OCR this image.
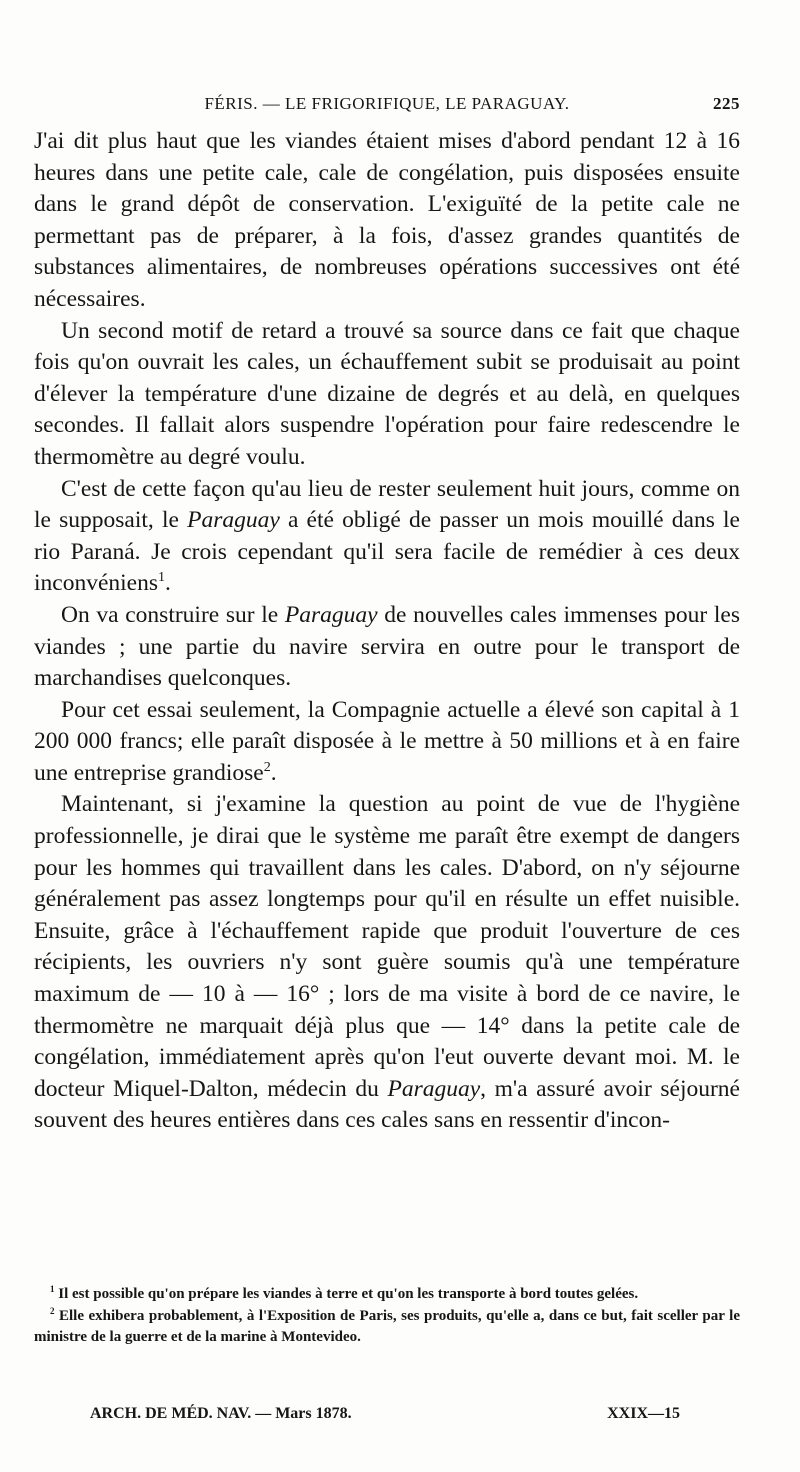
FÉRIS. — LE FRIGORIFIQUE, LE PARAGUAY.	225

J'ai dit plus haut que les viandes étaient mises d'abord pendant 12 à 16 heures dans une petite cale, cale de congélation, puis disposées ensuite dans le grand dépôt de conservation. L'exiguïté de la petite cale ne permettant pas de préparer, à la fois, d'assez grandes quantités de substances alimentaires, de nombreuses opérations successives ont été nécessaires.

Un second motif de retard a trouvé sa source dans ce fait que chaque fois qu'on ouvrait les cales, un échauffement subit se produisait au point d'élever la température d'une dizaine de degrés et au delà, en quelques secondes. Il fallait alors suspendre l'opération pour faire redescendre le thermomètre au degré voulu.

C'est de cette façon qu'au lieu de rester seulement huit jours, comme on le supposait, le Paraguay a été obligé de passer un mois mouillé dans le rio Paraná. Je crois cependant qu'il sera facile de remédier à ces deux inconvéniens$^1$.

On va construire sur le Paraguay de nouvelles cales immenses pour les viandes ; une partie du navire servira en outre pour le transport de marchandises quelconques.

Pour cet essai seulement, la Compagnie actuelle a élevé son capital à 1 200 000 francs; elle paraît disposée à le mettre à 50 millions et à en faire une entreprise grandiose$^2$.

Maintenant, si j'examine la question au point de vue de l'hygiène professionnelle, je dirai que le système me paraît être exempt de dangers pour les hommes qui travaillent dans les cales. D'abord, on n'y séjourne généralement pas assez longtemps pour qu'il en résulte un effet nuisible. Ensuite, grâce à l'échauffement rapide que produit l'ouverture de ces récipients, les ouvriers n'y sont guère soumis qu'à une température maximum de — 10 à — 16° ; lors de ma visite à bord de ce navire, le thermomètre ne marquait déjà plus que — 14° dans la petite cale de congélation, immédiatement après qu'on l'eut ouverte devant moi. M. le docteur Miquel-Dalton, médecin du Paraguay, m'a assuré avoir séjourné souvent des heures entières dans ces cales sans en ressentir d'incon-

$^1$ Il est possible qu'on prépare les viandes à terre et qu'on les transporte à bord toutes gelées.

$^2$ Elle exhibera probablement, à l'Exposition de Paris, ses produits, qu'elle a, dans ce but, fait sceller par le ministre de la guerre et de la marine à Montevideo.

ARCH. DE MÉD. NAV. — Mars 1878.	XXIX—15
